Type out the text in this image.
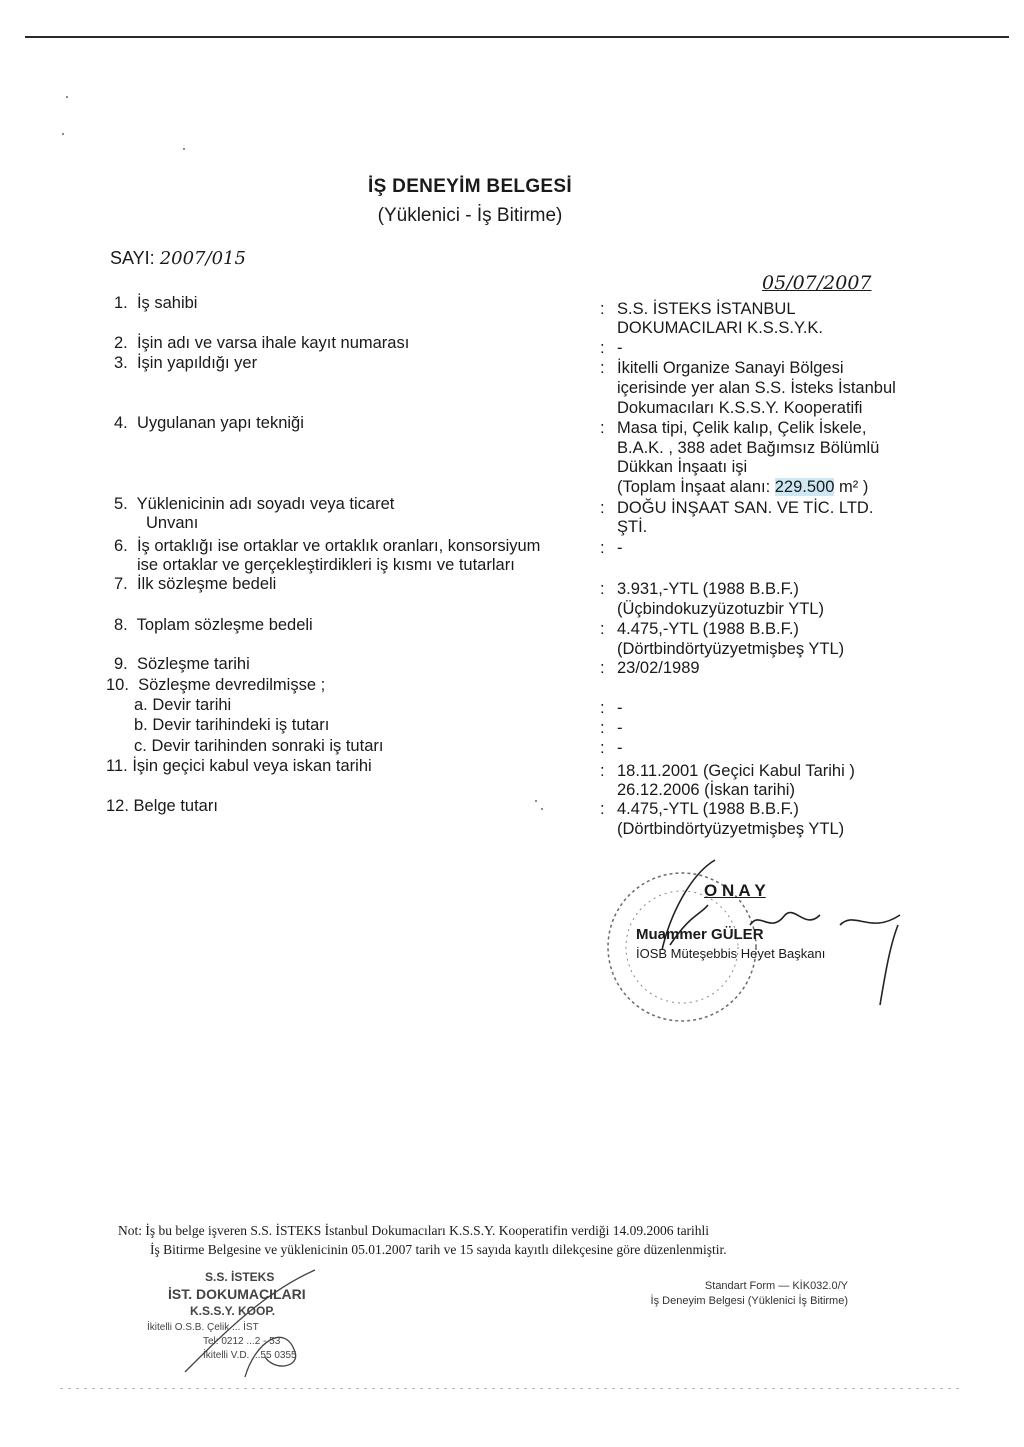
İŞ DENEYİM BELGESİ
(Yüklenici - İş Bitirme)
SAYI: 2007/015
05/07/2007
1. İş sahibi	: S.S. İSTEKS İSTANBUL
DOKUMACILARI K.S.S.Y.K.
2. İşin adı ve varsa ihale kayıt numarası	: -
3. İşin yapıldığı yer	: İkitelli Organize Sanayi Bölgesi
içerisinde yer alan S.S. İsteks İstanbul
Dokumacıları K.S.S.Y. Kooperatifi
4. Uygulanan yapı tekniği	: Masa tipi, Çelik kalıp, Çelik İskele,
B.A.K. , 388 adet Bağımsız Bölümlü
Dükkan İnşaatı işi
(Toplam İnşaat alanı: 229.500 m² )
5. Yüklenicinin adı soyadı veya ticaret
Unvanı
: DOĞU İNŞAAT SAN. VE TİC. LTD.
ŞTİ.
6. İş ortaklığı ise ortaklar ve ortaklık oranları, konsorsiyum
ise ortaklar ve gerçekleştirdikleri iş kısmı ve tutarları
: -
7. İlk sözleşme bedeli	: 3.931,-YTL (1988 B.B.F.)
(Üçbindokuzyüzotuzbir YTL)
8. Toplam sözleşme bedeli	: 4.475,-YTL (1988 B.B.F.)
(Dörtbindörtyüzyetmişbeş YTL)
9. Sözleşme tarihi	: 23/02/1989
10. Sözleşme devredilmişse ;
a. Devir tarihi	: -
b. Devir tarihindeki iş tutarı	: -
c. Devir tarihinden sonraki iş tutarı	: -
11. İşin geçici kabul veya iskan tarihi	: 18.11.2001 (Geçici Kabul Tarihi )
26.12.2006 (İskan tarihi)
12. Belge tutarı	: 4.475,-YTL (1988 B.B.F.)
(Dörtbindörtyüzyetmişbeş YTL)
O N A Y
Muammer GÜLER
İOSB Müteşebbis Heyet Başkanı
Not: İş bu belge işveren S.S. İSTEKS İstanbul Dokumacıları K.S.S.Y. Kooperatifin verdiği 14.09.2006 tarihli
İş Bitirme Belgesine ve yüklenicinin 05.01.2007 tarih ve 15 sayıda kayıtlı dilekçesine göre düzenlenmiştir.
S.S. İSTEKS
İST. DOKUMACILARI
K.S.S.Y. KOOP.
İkitelli O.S.B. Çelik ... İST
Tel: 0212 ...2 - 53
İkitelli V.D. ...55 0355
Standart Form — KİK032.0/Y
İş Deneyim Belgesi (Yüklenici İş Bitirme)
